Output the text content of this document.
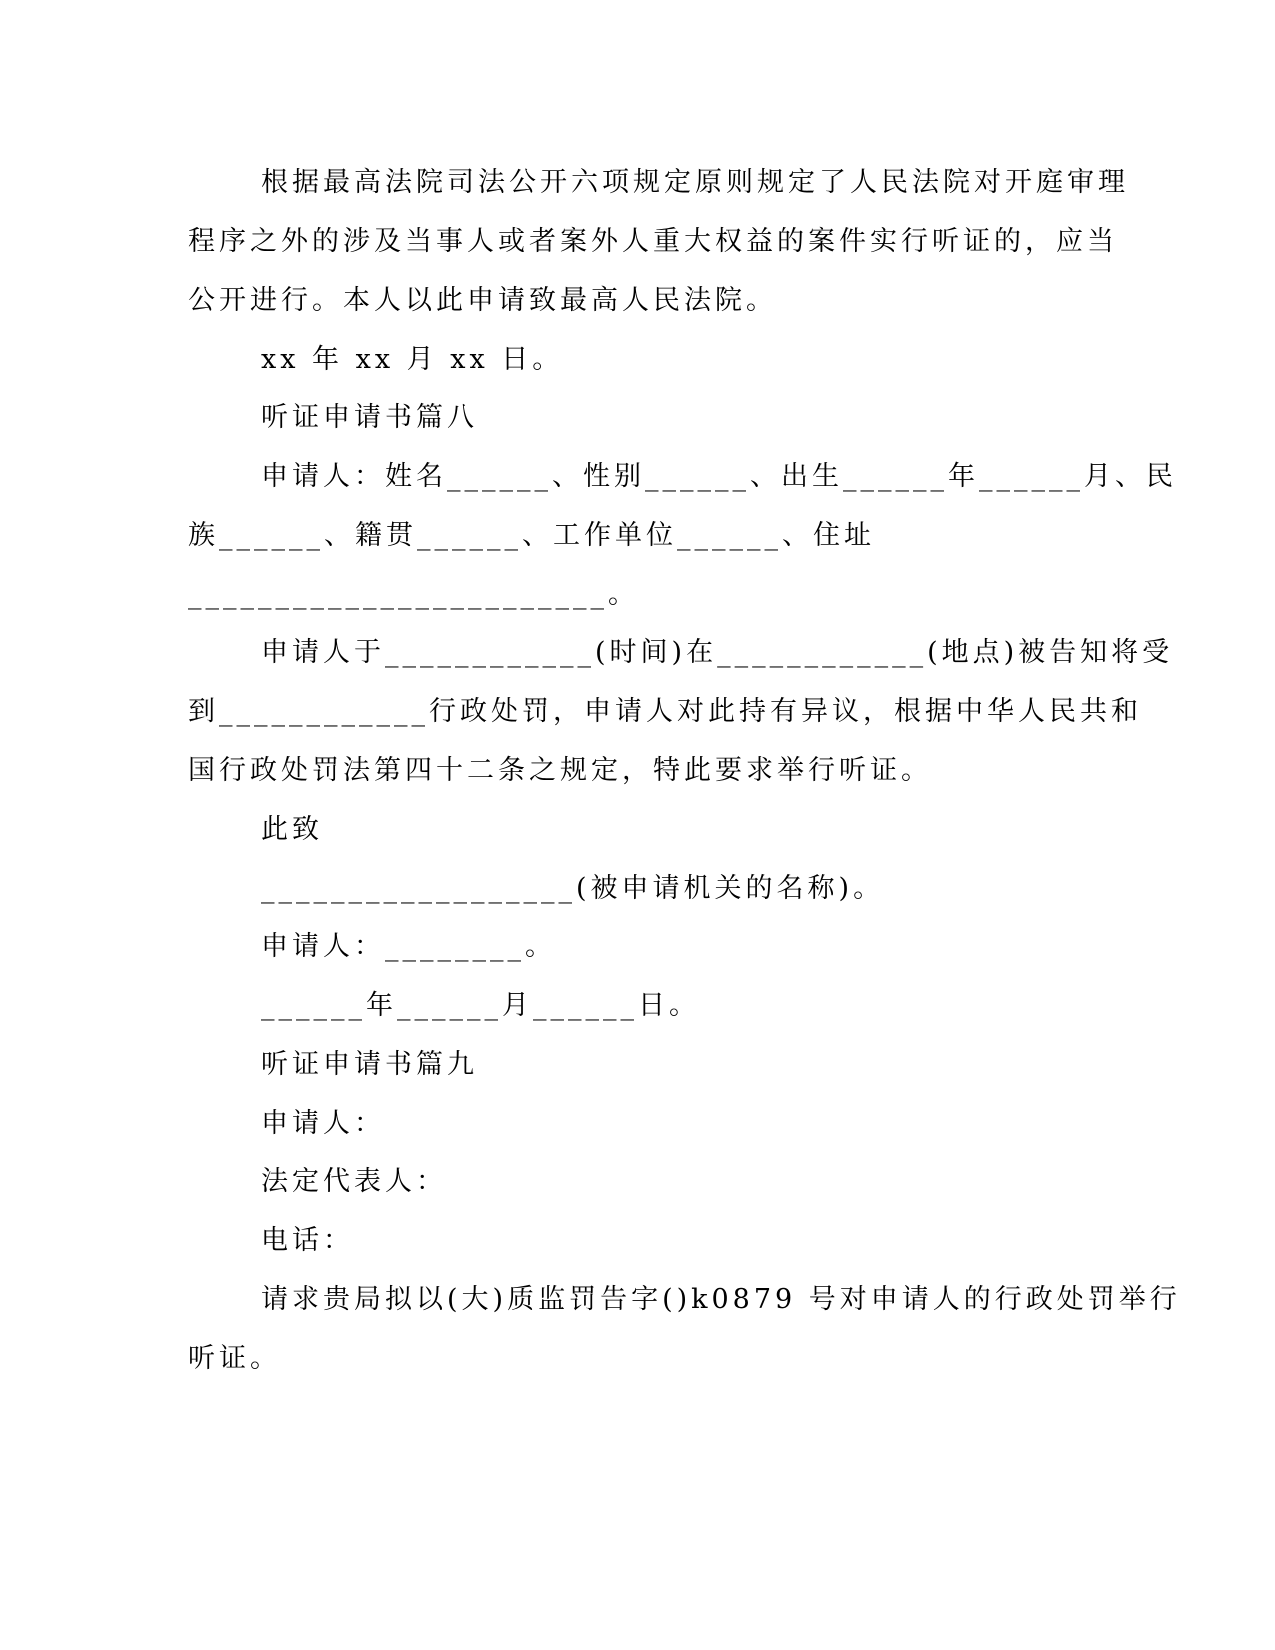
根据最高法院司法公开六项规定原则规定了人民法院对开庭审理
程序之外的涉及当事人或者案外人重大权益的案件实行听证的，应当
公开进行。本人以此申请致最高人民法院。
xx 年 xx 月 xx 日。
听证申请书篇八
申请人：姓名______、性别______、出生______年______月、民
族______、籍贯______、工作单位______、住址
________________________。
申请人于____________(时间)在____________(地点)被告知将受
到____________行政处罚，申请人对此持有异议，根据中华人民共和
国行政处罚法第四十二条之规定，特此要求举行听证。
此致
__________________(被申请机关的名称)。
申请人：________。
______年______月______日。
听证申请书篇九
申请人：
法定代表人：
电话：
请求贵局拟以(大)质监罚告字()k0879 号对申请人的行政处罚举行
听证。
